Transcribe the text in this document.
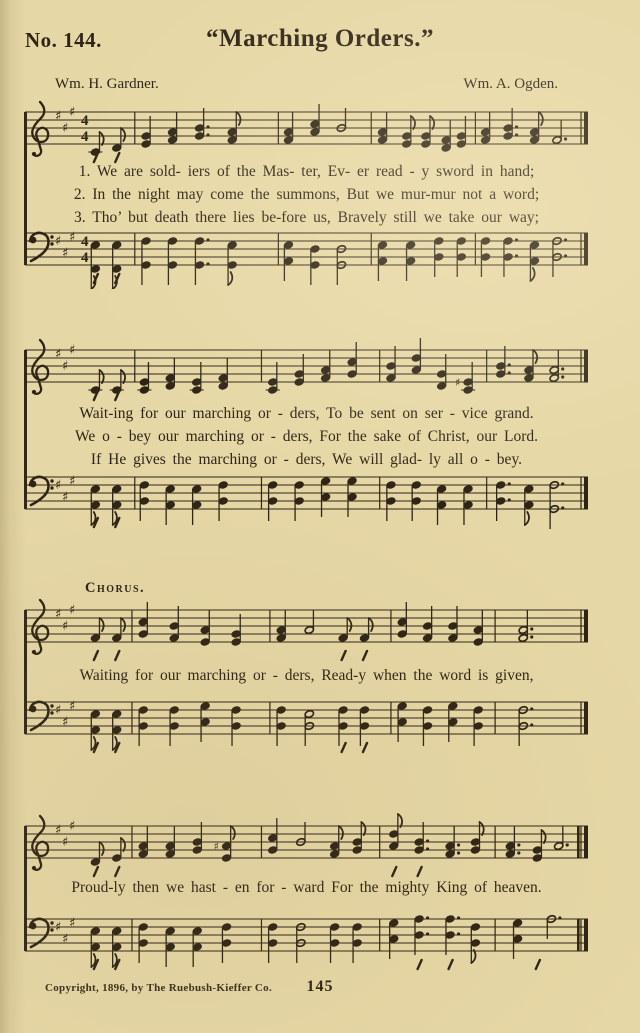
No. 144.	“Marching Orders.”
Wm. H. Gardner.	Wm. A. Ogden.
♯
♯
♯
4
4
1. We are sold- iers of the Mas- ter, Ev- er read - y sword in hand;
2. In the night may come the summons, But we mur-mur not a word;
3. Tho’ but death there lies be-fore us, Bravely still we take our way;
♯
♯
♯ 4
4
♯
♯
♯
♯
Wait-ing for our marching or - ders, To be sent on ser - vice grand.
We o - bey our marching or - ders, For the sake of Christ, our Lord.
If He gives the marching or - ders, We will glad- ly all o - bey.
♯
♯
♯
Chorus.
♯
♯
♯
Waiting for our marching or - ders, Read-y when the word is given,
♯
♯
♯
♯
♯
♯
♯
Proud-ly then we hast - en for - ward For the mighty King of heaven.
♯
♯
♯
Copyright, 1896, by The Ruebush-Kieffer Co.	145
